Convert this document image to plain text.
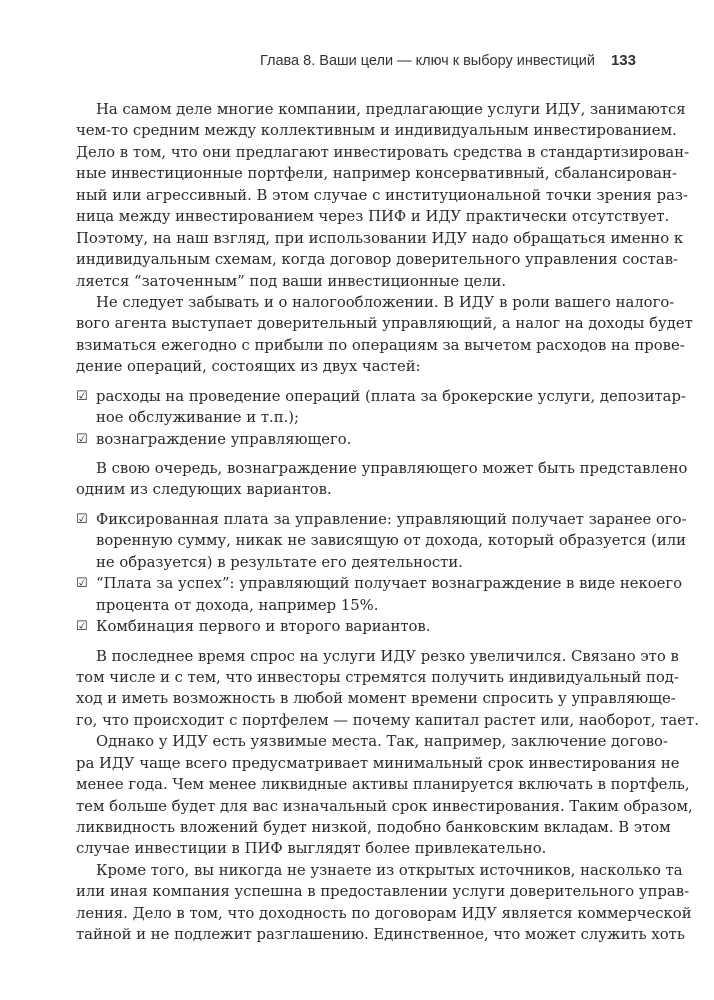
Глава 8. Ваши цели — ключ к выбору инвестиций 133
На самом деле многие компании, предлагающие услуги ИДУ, занимаются
чем-то средним между коллективным и индивидуальным инвестированием.
Дело в том, что они предлагают инвестировать средства в стандартизирован-
ные инвестиционные портфели, например консервативный, сбалансирован-
ный или агрессивный. В этом случае с институциональной точки зрения раз-
ница между инвестированием через ПИФ и ИДУ практически отсутствует.
Поэтому, на наш взгляд, при использовании ИДУ надо обращаться именно к
индивидуальным схемам, когда договор доверительного управления состав-
ляется “заточенным” под ваши инвестиционные цели.
Не следует забывать и о налогообложении. В ИДУ в роли вашего налого-
вого агента выступает доверительный управляющий, а налог на доходы будет
взиматься ежегодно с прибыли по операциям за вычетом расходов на прове-
дение операций, состоящих из двух частей:
☑ расходы на проведение операций (плата за брокерские услуги, депозитар-
ное обслуживание и т.п.);
☑ вознаграждение управляющего.
В свою очередь, вознаграждение управляющего может быть представлено
одним из следующих вариантов.
☑ Фиксированная плата за управление: управляющий получает заранее ого-
воренную сумму, никак не зависящую от дохода, который образуется (или
не образуется) в результате его деятельности.
☑ “Плата за успех”: управляющий получает вознаграждение в виде некоего
процента от дохода, например 15%.
☑ Комбинация первого и второго вариантов.
В последнее время спрос на услуги ИДУ резко увеличился. Связано это в
том числе и с тем, что инвесторы стремятся получить индивидуальный под-
ход и иметь возможность в любой момент времени спросить у управляюще-
го, что происходит с портфелем — почему капитал растет или, наоборот, тает.
Однако у ИДУ есть уязвимые места. Так, например, заключение догово-
ра ИДУ чаще всего предусматривает минимальный срок инвестирования не
менее года. Чем менее ликвидные активы планируется включать в портфель,
тем больше будет для вас изначальный срок инвестирования. Таким образом,
ликвидность вложений будет низкой, подобно банковским вкладам. В этом
случае инвестиции в ПИФ выглядят более привлекательно.
Кроме того, вы никогда не узнаете из открытых источников, насколько та
или иная компания успешна в предоставлении услуги доверительного управ-
ления. Дело в том, что доходность по договорам ИДУ является коммерческой
тайной и не подлежит разглашению. Единственное, что может служить хоть
